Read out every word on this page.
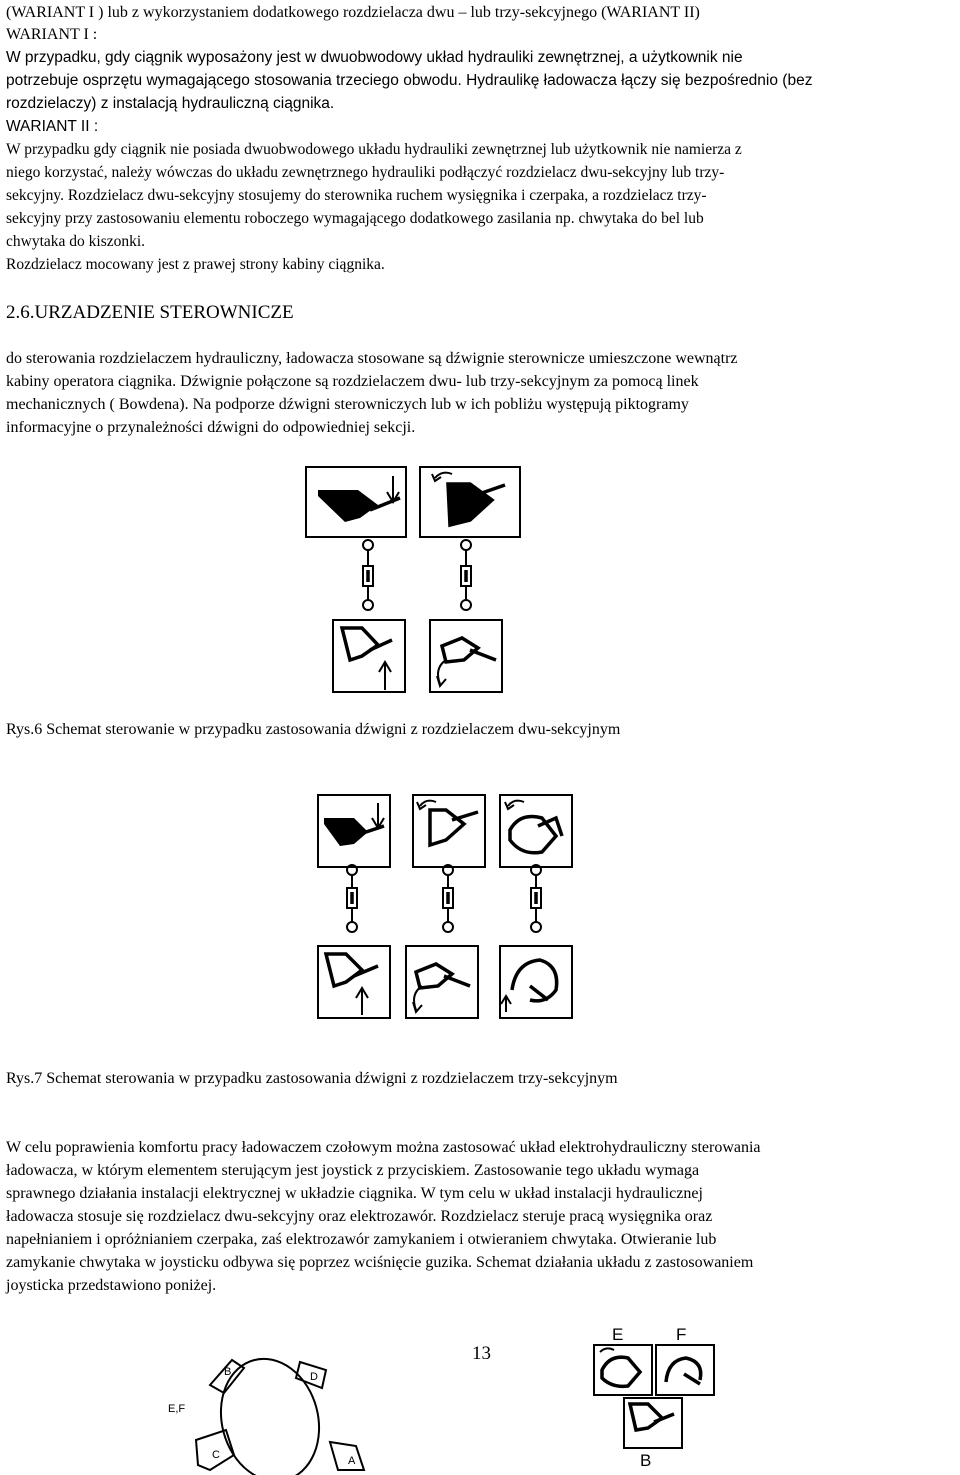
(WARIANT I ) lub z wykorzystaniem dodatkowego rozdzielacza dwu – lub trzy-sekcyjnego (WARIANT II)

WARIANT I :

W przypadku, gdy ciągnik wyposażony jest w dwuobwodowy układ hydrauliki zewnętrznej, a użytkownik nie

potrzebuje osprzętu wymagającego stosowania trzeciego obwodu. Hydraulikę ładowacza łączy się bezpośrednio (bez

rozdzielaczy) z instalacją hydrauliczną ciągnika.

WARIANT II :

W przypadku gdy ciągnik nie posiada dwuobwodowego układu hydrauliki zewnętrznej lub użytkownik nie namierza z

niego korzystać, należy wówczas do układu zewnętrznego hydrauliki podłączyć rozdzielacz dwu-sekcyjny lub trzy-

sekcyjny. Rozdzielacz dwu-sekcyjny stosujemy do sterownika ruchem wysięgnika i czerpaka, a rozdzielacz trzy-

sekcyjny przy zastosowaniu elementu roboczego wymagającego dodatkowego zasilania np. chwytaka do bel lub

chwytaka do kiszonki.

Rozdzielacz mocowany jest z prawej strony kabiny ciągnika.

2.6.URZADZENIE STEROWNICZE

do sterowania rozdzielaczem hydrauliczny, ładowacza stosowane są dźwignie sterownicze umieszczone wewnątrz

kabiny operatora ciągnika. Dźwignie połączone są rozdzielaczem dwu- lub trzy-sekcyjnym za pomocą linek

mechanicznych ( Bowdena). Na podporze dźwigni sterowniczych lub w ich pobliżu występują piktogramy

informacyjne o przynależności dźwigni do odpowiedniej sekcji.

Rys.6 Schemat sterowanie w przypadku zastosowania dźwigni z rozdzielaczem dwu-sekcyjnym

Rys.7 Schemat sterowania w przypadku zastosowania dźwigni z rozdzielaczem trzy-sekcyjnym

W celu poprawienia komfortu pracy ładowaczem czołowym można zastosować układ elektrohydrauliczny sterowania

ładowacza, w którym elementem sterującym jest joystick z przyciskiem. Zastosowanie tego układu wymaga

sprawnego działania instalacji elektrycznej w układzie ciągnika. W tym celu w układ instalacji hydraulicznej

ładowacza stosuje się rozdzielacz dwu-sekcyjny oraz elektrozawór. Rozdzielacz steruje pracą wysięgnika oraz

napełnianiem i opróżnianiem czerpaka, zaś elektrozawór zamykaniem i otwieraniem chwytaka. Otwieranie lub

zamykanie chwytaka w joysticku odbywa się poprzez wciśnięcie guzika. Schemat działania układu z zastosowaniem

joysticka przedstawiono poniżej.

13
B	D
E,F
C	A
E	F
B
